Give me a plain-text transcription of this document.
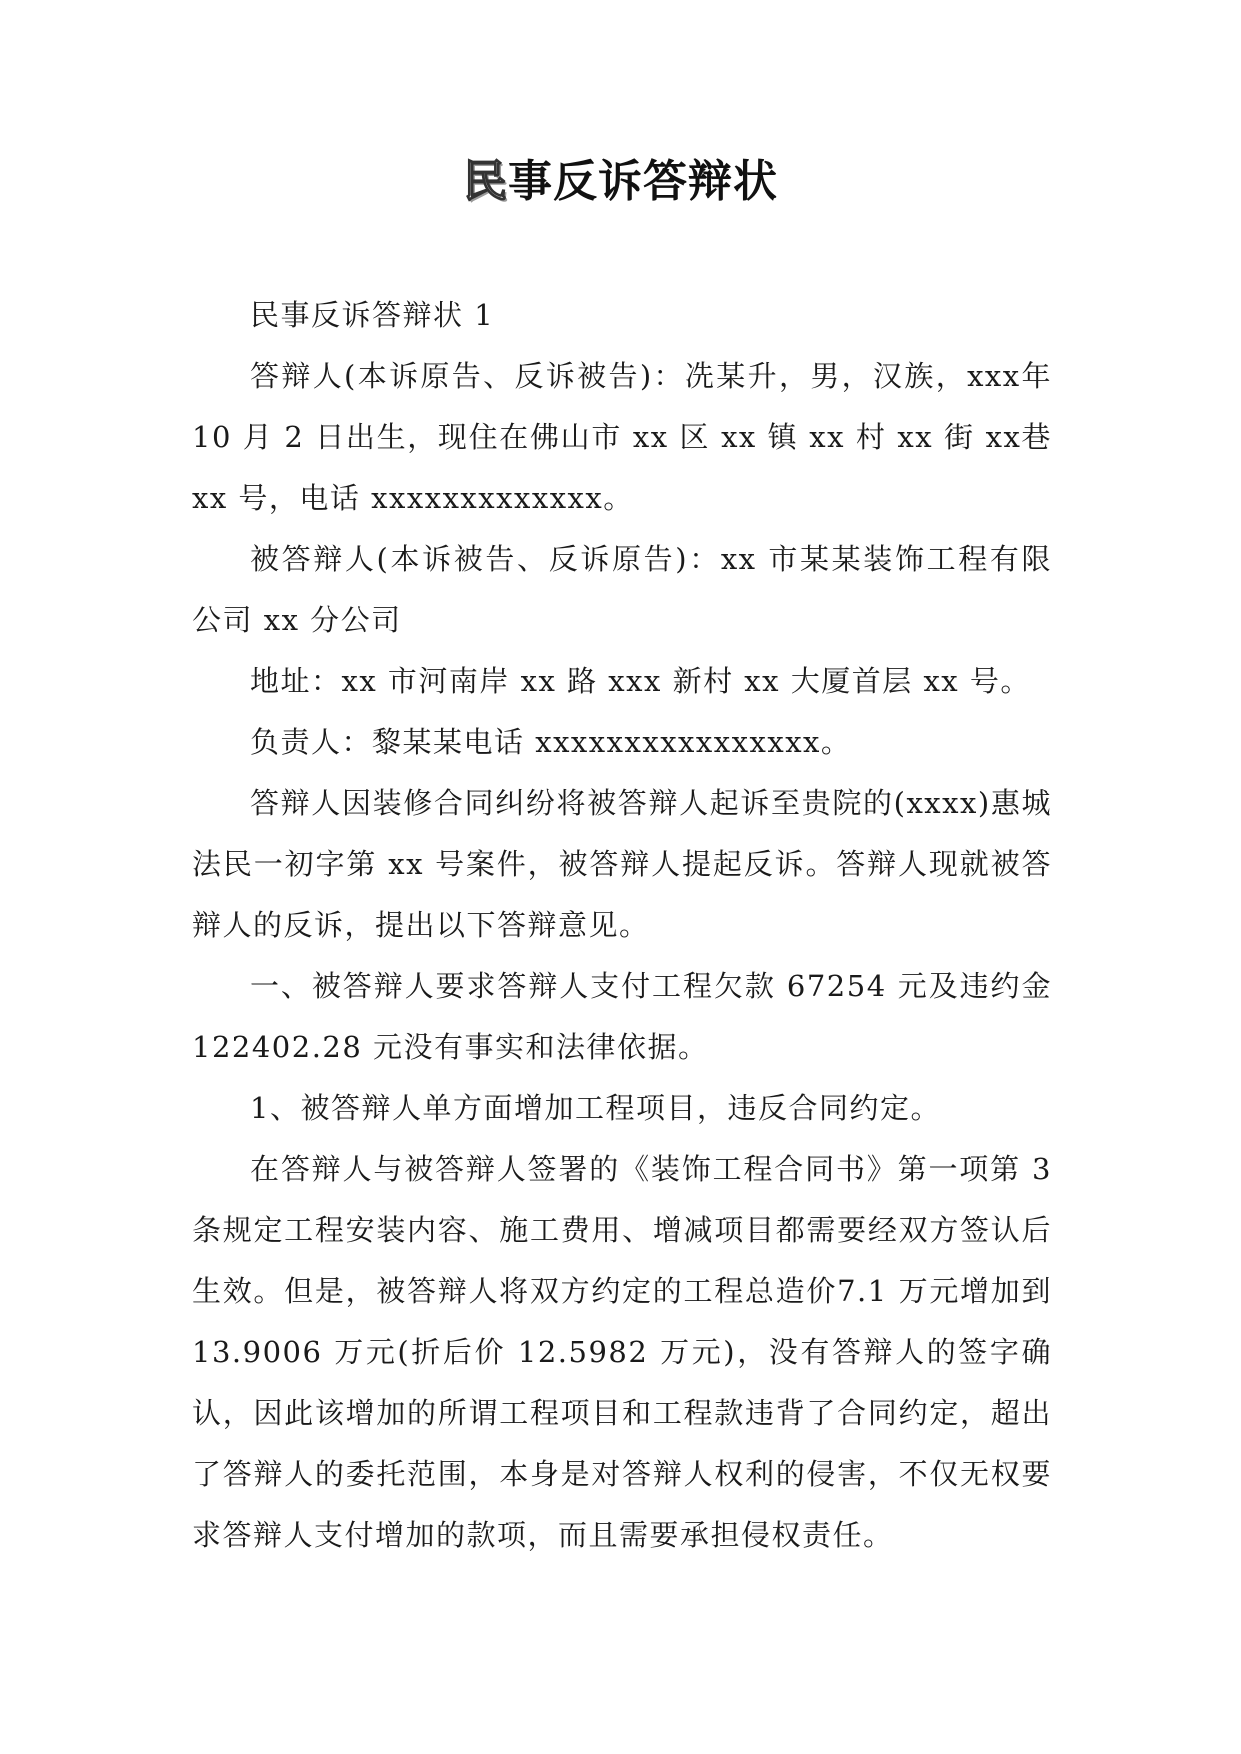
民事反诉答辩状

民事反诉答辩状 1

答辩人(本诉原告、反诉被告)：冼某升，男，汉族，xxx年 10 月 2 日出生，现住在佛山市 xx 区 xx 镇 xx 村 xx 街 xx巷 xx 号，电话 xxxxxxxxxxxxx。

被答辩人(本诉被告、反诉原告)：xx 市某某装饰工程有限公司 xx 分公司

地址：xx 市河南岸 xx 路 xxx 新村 xx 大厦首层 xx 号。

负责人：黎某某电话 xxxxxxxxxxxxxxxx。

答辩人因装修合同纠纷将被答辩人起诉至贵院的(xxxx)惠城法民一初字第 xx 号案件，被答辩人提起反诉。答辩人现就被答辩人的反诉，提出以下答辩意见。

一、被答辩人要求答辩人支付工程欠款 67254 元及违约金 122402.28 元没有事实和法律依据。

1、被答辩人单方面增加工程项目，违反合同约定。

在答辩人与被答辩人签署的《装饰工程合同书》第一项第 3 条规定工程安装内容、施工费用、增减项目都需要经双方签认后生效。但是，被答辩人将双方约定的工程总造价7.1 万元增加到 13.9006 万元(折后价 12.5982 万元)，没有答辩人的签字确认，因此该增加的所谓工程项目和工程款违背了合同约定，超出了答辩人的委托范围，本身是对答辩人权利的侵害，不仅无权要求答辩人支付增加的款项，而且需要承担侵权责任。
